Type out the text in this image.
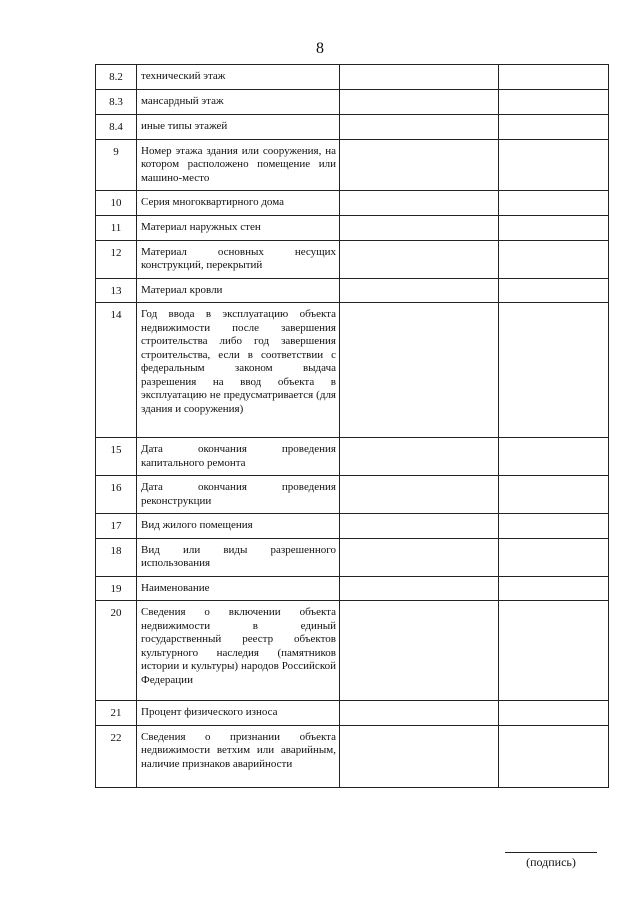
8
8.2	технический этаж		
8.3	мансардный этаж		
8.4	иные типы этажей		
9	Номер этажа здания или сооружения, на котором расположено помещение или машино-место		
10	Серия многоквартирного дома		
11	Материал наружных стен		
12	Материал основных несущих конструкций, перекрытий		
13	Материал кровли		
14	Год ввода в эксплуатацию объекта недвижимости после завершения строительства либо год завершения строительства, если в соответствии с федеральным законом выдача разрешения на ввод объекта в эксплуатацию не предусматривается (для здания и сооружения)		
15	Дата окончания проведения капитального ремонта		
16	Дата окончания проведения реконструкции		
17	Вид жилого помещения		
18	Вид или виды разрешенного использования		
19	Наименование		
20	Сведения о включении объекта недвижимости в единый государственный реестр объектов культурного наследия (памятников истории и культуры) народов Российской Федерации		
21	Процент физического износа		
22	Сведения о признании объекта недвижимости ветхим или аварийным, наличие признаков аварийности		
(подпись)
